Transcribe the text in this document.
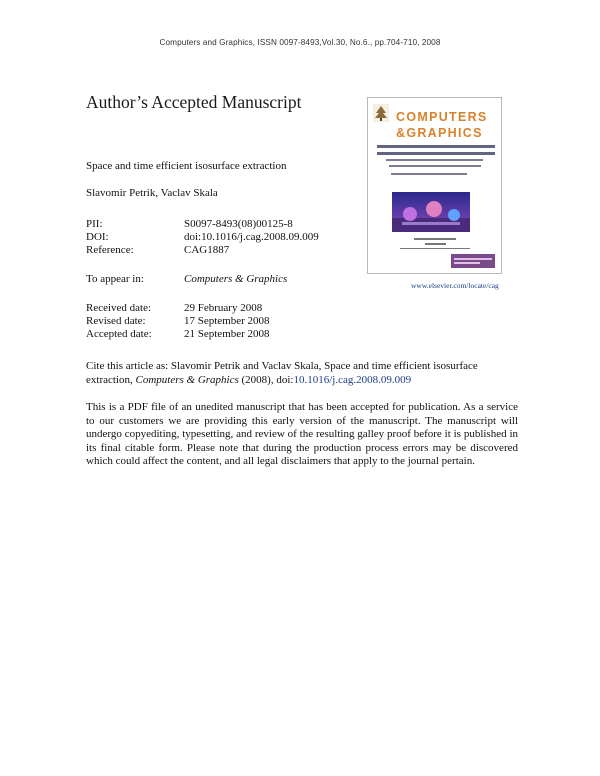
Computers and Graphics, ISSN 0097-8493,Vol.30, No.6., pp.704-710, 2008
Author’s Accepted Manuscript
Space and time efficient isosurface extraction
Slavomir Petrik, Vaclav Skala
PII:	S0097-8493(08)00125-8
DOI:	doi:10.1016/j.cag.2008.09.009
Reference:	CAG1887
To appear in:	Computers & Graphics
Received date:	29 February 2008
Revised date:	17 September 2008
Accepted date:	21 September 2008
Cite this article as: Slavomir Petrik and Vaclav Skala, Space and time efficient isosurface extraction, Computers & Graphics (2008), doi:10.1016/j.cag.2008.09.009
This is a PDF file of an unedited manuscript that has been accepted for publication. As a service to our customers we are providing this early version of the manuscript. The manuscript will undergo copyediting, typesetting, and review of the resulting galley proof before it is published in its final citable form. Please note that during the production process errors may be discovered which could affect the content, and all legal disclaimers that apply to the journal pertain.
COMPUTERS
&GRAPHICS
www.elsevier.com/locate/cag
